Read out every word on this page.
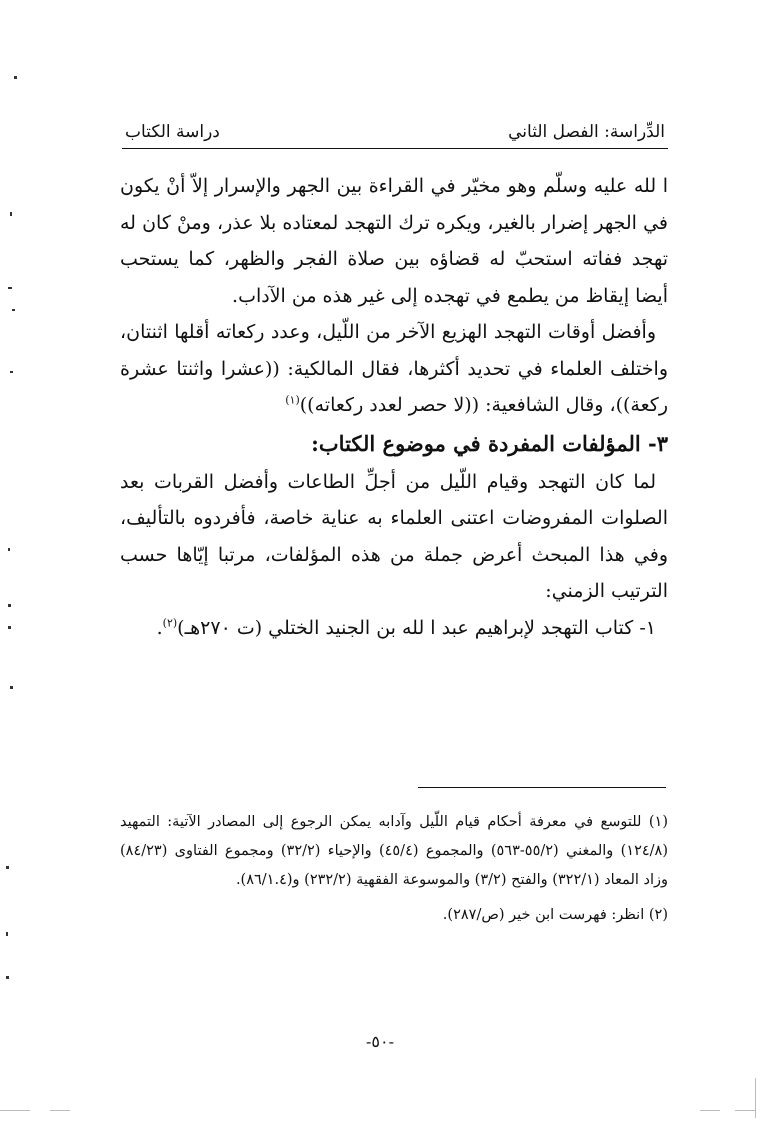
الدِّراسة: الفصل الثاني
دراسة الكتاب

ا لله عليه وسلّم وهو مخيّر في القراءة بين الجهر والإسرار إلاّ أنْ يكون في الجهر إضرار بالغير، ويكره ترك التهجد لمعتاده بلا عذر، ومنْ كان له تهجد ففاته استحبّ له قضاؤه بين صلاة الفجر والظهر، كما يستحب أيضا إيقاظ من يطمع في تهجده إلى غير هذه من الآداب.

وأفضل أوقات التهجد الهزيع الآخر من اللّيل، وعدد ركعاته أقلها اثنتان، واختلف العلماء في تحديد أكثرها، فقال المالكية: ((عشرا واثنتا عشرة ركعة))، وقال الشافعية: ((لا حصر لعدد ركعاته))$^{(١)}$

٣- المؤلفات المفردة في موضوع الكتاب:

لما كان التهجد وقيام اللّيل من أجلِّ الطاعات وأفضل القربات بعد الصلوات المفروضات اعتنى العلماء به عناية خاصة، فأفردوه بالتأليف، وفي هذا المبحث أعرض جملة من هذه المؤلفات، مرتبا إيّاها حسب الترتيب الزمني:

١- كتاب التهجد لإبراهيم عبد ا لله بن الجنيد الختلي (ت ٢٧٠هـ)$^{(٢)}$.

(١) للتوسع في معرفة أحكام قيام اللّيل وآدابه يمكن الرجوع إلى المصادر الآتية: التمهيد (١٢٤/٨) والمغني (٥٥/٢-٥٦٣) والمجموع (٤٥/٤) والإحياء (٣٢/٢) ومجموع الفتاوى (٨٤/٢٣) وزاد المعاد (٣٢٢/١) والفتح (٣/٢) والموسوعة الفقهية (٢٣٢/٢) و(٨٦/١.٤).

(٢) انظر: فهرست ابن خير (ص/٢٨٧).

-٥٠-
